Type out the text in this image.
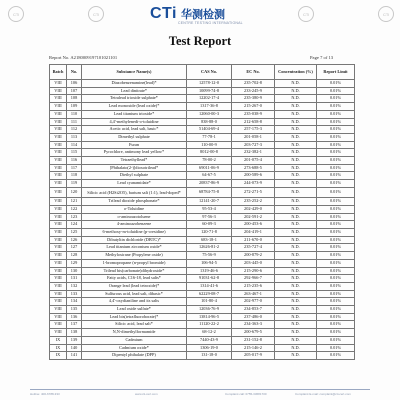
CTi 华测检测
CENTRE TESTING INTERNATIONAL
CTi	CTi	CTi	CTi
Test Report
Report No. A2180009197101021101	Page 7 of 13
Batch	No.	Substance Name(s)	CAS No.	EC No.	Concentration (%)	Report Limit
VIII	106	Diazobenzenamine(lead)*	12578-12-0	235-702-8	N.D.	0.01%
VIII	107	Lead dinitrate*	10099-74-8	233-245-9	N.D.	0.01%
VIII	108	Tetralead trioxide sulphate*	12202-17-4	235-380-9	N.D.	0.01%
VIII	109	Lead monoxide (lead oxide)*	1317-36-8	215-267-0	N.D.	0.01%
VIII	110	Lead titanium trioxide*	12060-00-3	235-038-9	N.D.	0.01%
VIII	111	4,4'-methylenedi-o-toluidine	838-88-0	212-658-8	N.D.	0.01%
VIII	112	Acetic acid, lead salt, basic*	51404-69-4	257-175-3	N.D.	0.01%
VIII	113	Dimethyl sulphate	77-78-1	201-058-1	N.D.	0.01%
VIII	114	Furan	110-00-9	203-727-3	N.D.	0.01%
VIII	115	Pyrochlore, antimony lead yellow*	8012-00-8	232-382-1	N.D.	0.01%
VIII	116	Tetraethyllead*	78-00-2	201-075-4	N.D.	0.01%
VIII	117	[Phthalato(2-)]dioxotrilead*	69011-06-9	273-688-5	N.D.	0.01%
VIII	118	Diethyl sulphate	64-67-5	200-589-6	N.D.	0.01%
VIII	119	Lead cyanamidate*	20837-86-9	244-073-9	N.D.	0.01%
VIII	120	Silicic acid (H2Si2O5), barium salt (1:1), lead-doped*	68784-75-8	272-271-5	N.D.	0.01%
VIII	121	Trilead dioxide phosphonate*	12141-20-7	235-252-2	N.D.	0.01%
VIII	122	o-Toluidine	95-53-4	202-429-0	N.D.	0.01%
VIII	123	o-aminoazotoluene	97-56-3	202-591-2	N.D.	0.01%
VIII	124	4-aminoazobenzene	60-09-3	200-453-6	N.D.	0.01%
VIII	125	6-methoxy-m-toluidine (p-cresidine)	120-71-8	204-419-1	N.D.	0.01%
VIII	126	Dibutyltin dichloride (DBTC)*	683-18-1	211-670-0	N.D.	0.01%
VIII	127	Lead titanium zirconium oxide*	12626-81-2	235-727-4	N.D.	0.01%
VIII	128	Methyloxirane (Propylene oxide)	75-56-9	200-879-2	N.D.	0.01%
VIII	129	1-bromopropane (n-propyl bromide)	106-94-5	203-445-0	N.D.	0.01%
VIII	130	Trilead bis(carbonate)dihydroxide*	1319-46-6	215-290-6	N.D.	0.01%
VIII	131	Fatty acids, C16-18, lead salts*	91031-62-8	292-966-7	N.D.	0.01%
VIII	132	Orange lead (lead tetroxide)*	1314-41-6	215-235-6	N.D.	0.01%
VIII	133	Sulfurous acid, lead salt, dibasic*	62229-08-7	263-467-1	N.D.	0.01%
VIII	134	4,4'-oxydianiline and its salts	101-80-4	202-977-0	N.D.	0.01%
VIII	135	Lead oxide sulfate*	12036-76-9	234-853-7	N.D.	0.01%
VIII	136	Lead bis(tetrafluoroborate)*	13814-96-5	237-486-0	N.D.	0.01%
VIII	137	Silicic acid, lead salt*	11120-22-2	234-363-3	N.D.	0.01%
VIII	138	N,N-dimethylformamide	68-12-2	200-679-5	N.D.	0.01%
IX	139	Cadmium	7440-43-9	231-152-8	N.D.	0.01%
IX	140	Cadmium oxide*	1306-19-0	215-146-2	N.D.	0.01%
IX	141	Dipentyl phthalate (DPP)	131-18-0	205-017-9	N.D.	0.01%
Hotline: 400-6788-333	www.cti-cert.com	Complaint call: 0755-33681700	Complaint E-mail: complaint@cti-cert.com
